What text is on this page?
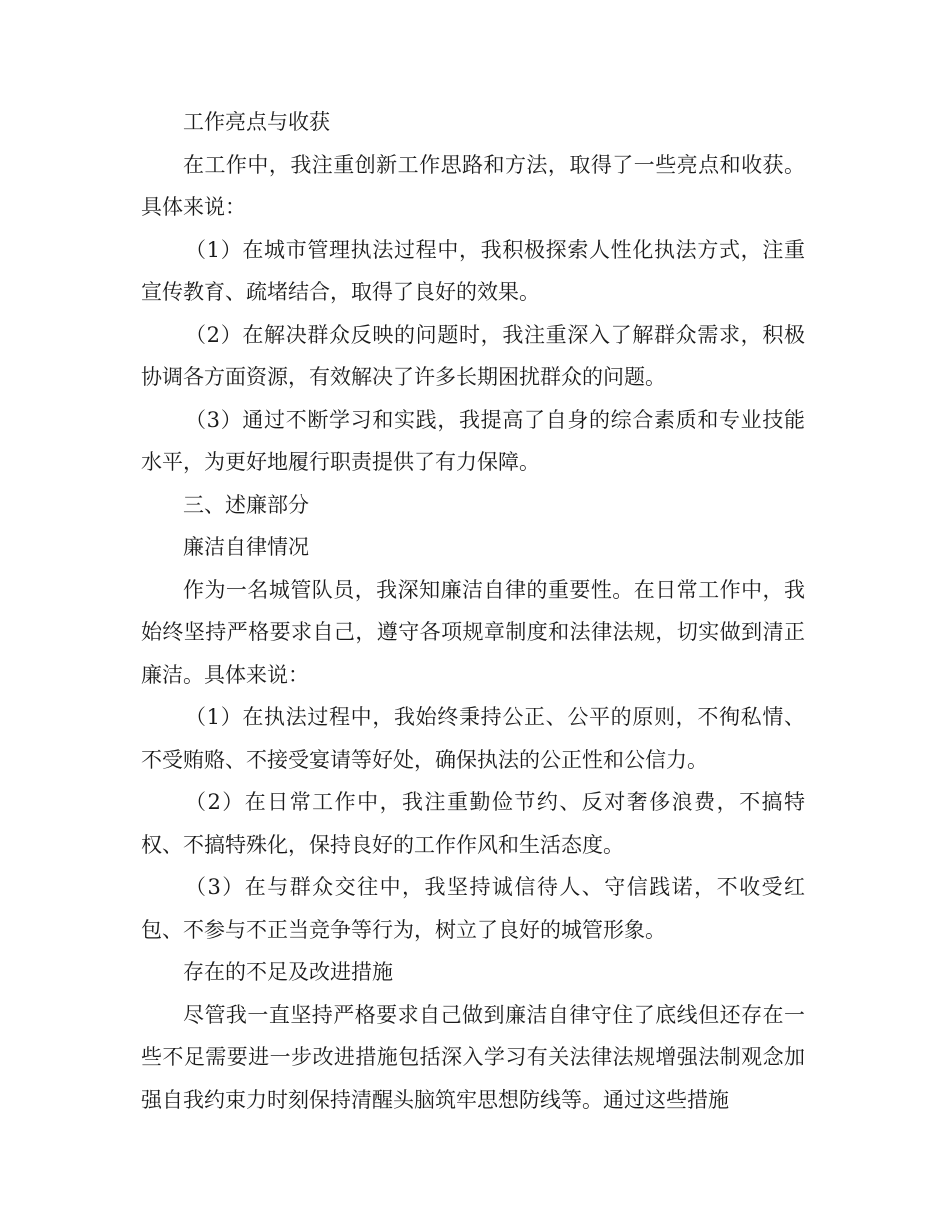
工作亮点与收获

在工作中，我注重创新工作思路和方法，取得了一些亮点和收获。具体来说：

（1）在城市管理执法过程中，我积极探索人性化执法方式，注重宣传教育、疏堵结合，取得了良好的效果。

（2）在解决群众反映的问题时，我注重深入了解群众需求，积极协调各方面资源，有效解决了许多长期困扰群众的问题。

（3）通过不断学习和实践，我提高了自身的综合素质和专业技能水平，为更好地履行职责提供了有力保障。

三、述廉部分

廉洁自律情况

作为一名城管队员，我深知廉洁自律的重要性。在日常工作中，我始终坚持严格要求自己，遵守各项规章制度和法律法规，切实做到清正廉洁。具体来说：

（1）在执法过程中，我始终秉持公正、公平的原则，不徇私情、不受贿赂、不接受宴请等好处，确保执法的公正性和公信力。

（2）在日常工作中，我注重勤俭节约、反对奢侈浪费，不搞特权、不搞特殊化，保持良好的工作作风和生活态度。

（3）在与群众交往中，我坚持诚信待人、守信践诺，不收受红包、不参与不正当竞争等行为，树立了良好的城管形象。

存在的不足及改进措施

尽管我一直坚持严格要求自己做到廉洁自律守住了底线但还存在一些不足需要进一步改进措施包括深入学习有关法律法规增强法制观念加强自我约束力时刻保持清醒头脑筑牢思想防线等。通过这些措施
